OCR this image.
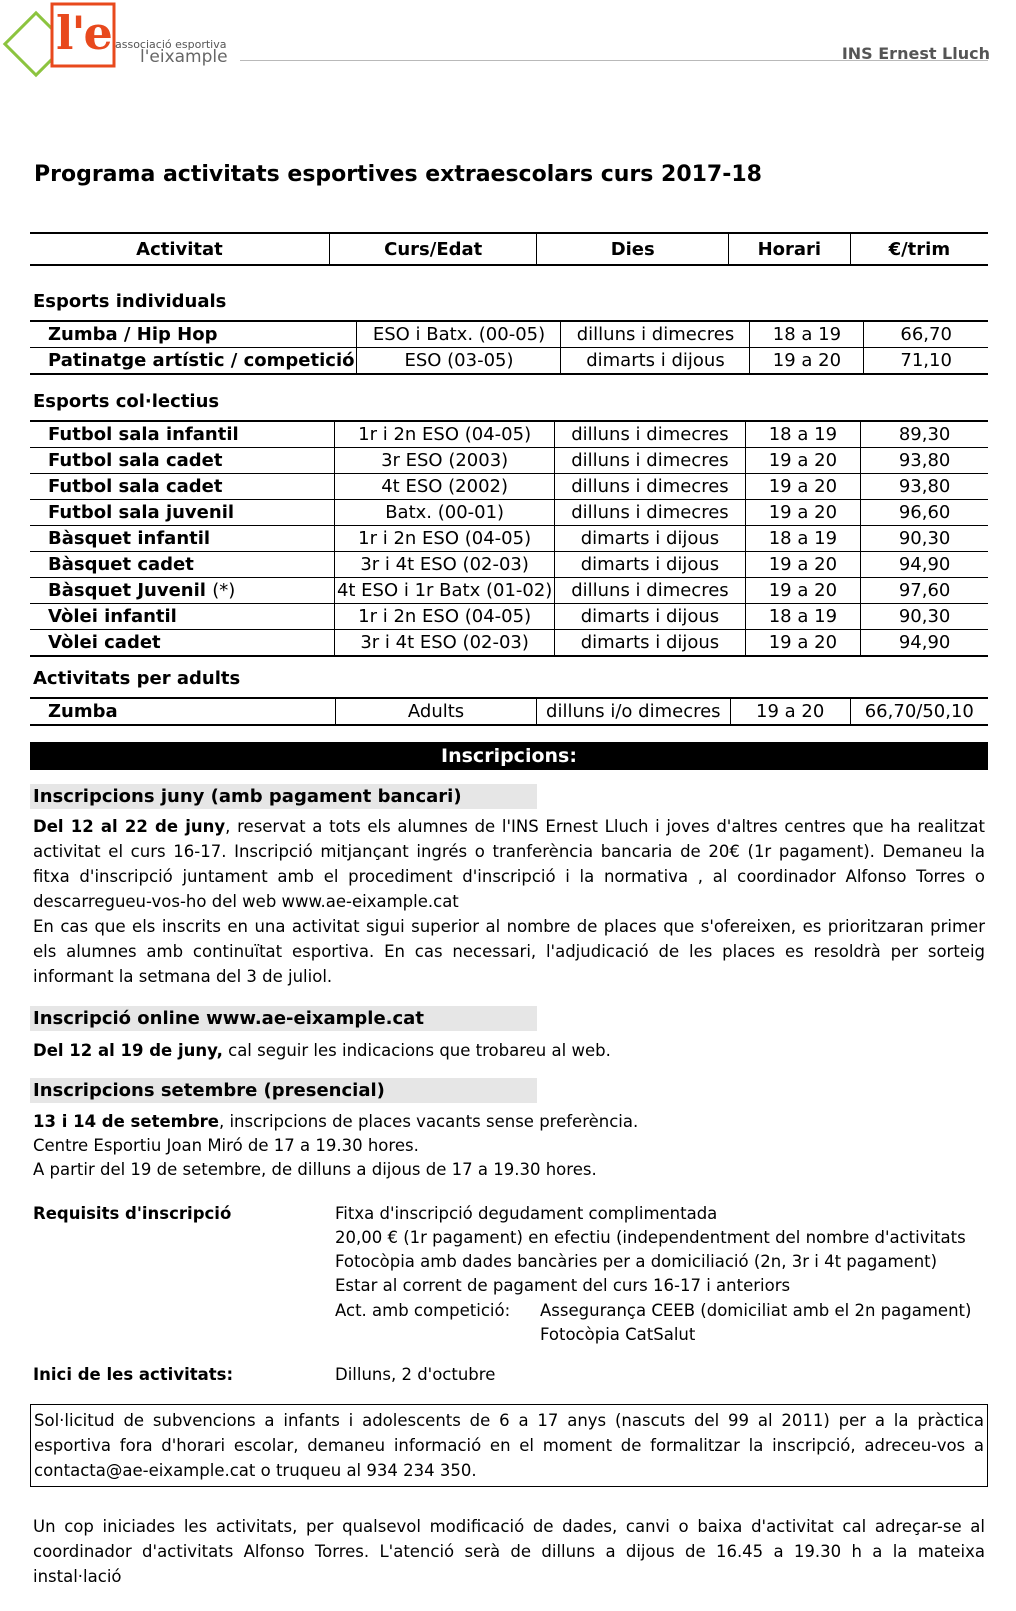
l'e associació esportiva
l'eixample	INS Ernest Lluch
Programa activitats esportives extraescolars curs 2017-18
Activitat	Curs/Edat	Dies	Horari	€/trim
Esports individuals
Zumba / Hip Hop	ESO i Batx. (00-05)	dilluns i dimecres	18 a 19	66,70
Patinatge artístic / competició	ESO (03-05)	dimarts i dijous	19 a 20	71,10
Esports col·lectius
Futbol sala infantil	1r i 2n ESO (04-05)	dilluns i dimecres	18 a 19	89,30
Futbol sala cadet	3r ESO (2003)	dilluns i dimecres	19 a 20	93,80
Futbol sala cadet	4t ESO (2002)	dilluns i dimecres	19 a 20	93,80
Futbol sala juvenil	Batx. (00-01)	dilluns i dimecres	19 a 20	96,60
Bàsquet infantil	1r i 2n ESO (04-05)	dimarts i dijous	18 a 19	90,30
Bàsquet cadet	3r i 4t ESO (02-03)	dimarts i dijous	19 a 20	94,90
Bàsquet Juvenil (*)	4t ESO i 1r Batx (01-02)	dilluns i dimecres	19 a 20	97,60
Vòlei infantil	1r i 2n ESO (04-05)	dimarts i dijous	18 a 19	90,30
Vòlei cadet	3r i 4t ESO (02-03)	dimarts i dijous	19 a 20	94,90
Activitats per adults
Zumba	Adults	dilluns i/o dimecres	19 a 20	66,70/50,10
Inscripcions:
Inscripcions juny (amb pagament bancari)
Del 12 al 22 de juny, reservat a tots els alumnes de l'INS Ernest Lluch i joves d'altres centres que ha realitzat activitat el curs 16-17. Inscripció mitjançant ingrés o tranferència bancaria de 20€ (1r pagament). Demaneu la fitxa d'inscripció juntament amb el procediment d'inscripció i la normativa , al coordinador Alfonso Torres o descarregueu-vos-ho del web www.ae-eixample.cat
En cas que els inscrits en una activitat sigui superior al nombre de places que s'ofereixen, es prioritzaran primer els alumnes amb continuïtat esportiva. En cas necessari, l'adjudicació de les places es resoldrà per sorteig informant la setmana del 3 de juliol.
Inscripció online www.ae-eixample.cat
Del 12 al 19 de juny, cal seguir les indicacions que trobareu al web.
Inscripcions setembre (presencial)
13 i 14 de setembre, inscripcions de places vacants sense preferència.
Centre Esportiu Joan Miró de 17 a 19.30 hores.
A partir del 19 de setembre, de dilluns a dijous de 17 a 19.30 hores.
Requisits d'inscripció	Fitxa d'inscripció degudament complimentada
20,00 € (1r pagament) en efectiu (independentment del nombre d'activitats
Fotocòpia amb dades bancàries per a domiciliació (2n, 3r i 4t pagament)
Estar al corrent de pagament del curs 16-17 i anteriors
Act. amb competició: Assegurança CEEB (domiciliat amb el 2n pagament)
Fotocòpia CatSalut
Inici de les activitats:	Dilluns, 2 d'octubre
Sol·licitud de subvencions a infants i adolescents de 6 a 17 anys (nascuts del 99 al 2011) per a la pràctica esportiva fora d'horari escolar, demaneu informació en el moment de formalitzar la inscripció, adreceu-vos a contacta@ae-eixample.cat o truqueu al 934 234 350.
Un cop iniciades les activitats, per qualsevol modificació de dades, canvi o baixa d'activitat cal adreçar-se al coordinador d'activitats Alfonso Torres. L'atenció serà de dilluns a dijous de 16.45 a 19.30 h a la mateixa instal·lació
